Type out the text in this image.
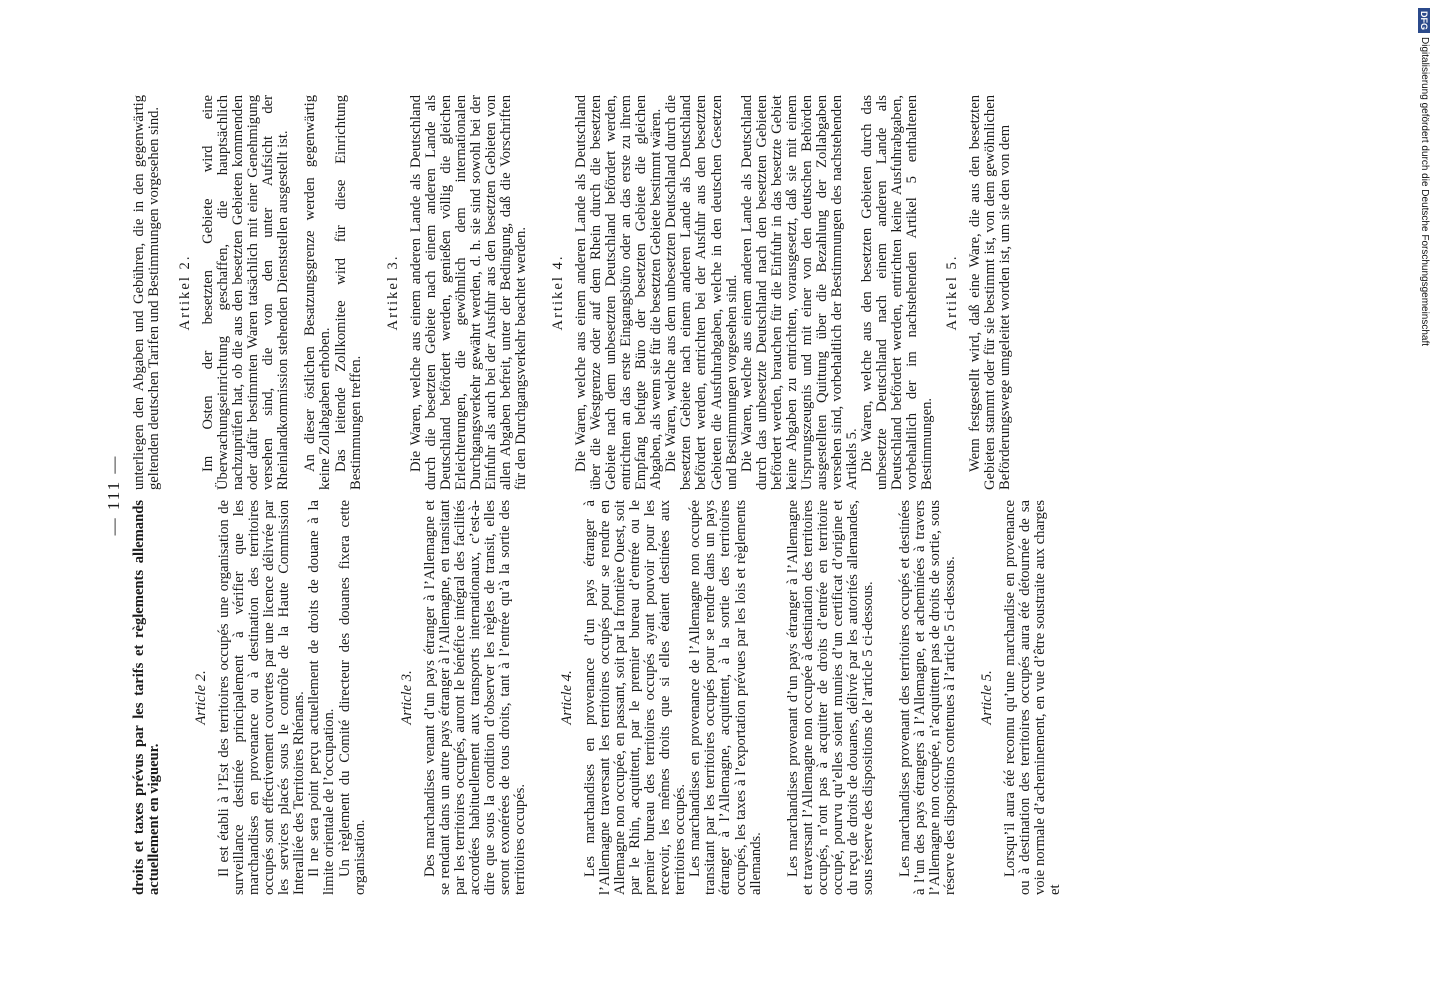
— 111 —

droits et taxes prévus par les tarifs et règlements allemands actuellement en vigueur.

Article 2. Il est établi à l’Est des territoires occupés une organisation de surveillance destinée principalement à vérifier que les marchandises en provenance ou à destination des territoires occupés sont effectivement couvertes par une licence délivrée par les services placés sous le contrôle de la Haute Commission Interalliée des Territoires Rhénans. Il ne sera point perçu actuellement de droits de douane à la limite orientale de l’occupation. Un règlement du Comité directeur des douanes fixera cette organisation.

Article 3. Des marchandises venant d’un pays étranger à l’Allemagne et se rendant dans un autre pays étranger à l’Allemagne, en transitant par les territoires occupés, auront le bénéfice intégral des facilités accordées habituellement aux transports internationaux, c’est-à-dire que sous la condition d’observer les règles de transit, elles seront exonérées de tous droits, tant à l’entrée qu’à la sortie des territoires occupés.

Article 4. Les marchandises en provenance d’un pays étranger à l’Allemagne traversant les territoires occupés pour se rendre en Allemagne non occupée, en passant, soit par la frontière Ouest, soit par le Rhin, acquittent, par le premier bureau d’entrée ou le premier bureau des territoires occupés ayant pouvoir pour les recevoir, les mêmes droits que si elles étaient destinées aux territoires occupés. Les marchandises en provenance de l’Allemagne non occupée transitant par les territoires occupés pour se rendre dans un pays étranger à l’Allemagne, acquittent, à la sortie des territoires occupés, les taxes à l’exportation prévues par les lois et règlements allemands. Les marchandises provenant d’un pays étranger à l’Allemagne et traversant l’Allemagne non occupée à destination des territoires occupés, n’ont pas à acquitter de droits d’entrée en territoire occupé, pourvu qu’elles soient munies d’un certificat d’origine et du reçu de droits de douanes, délivré par les autorités allemandes, sous réserve des dispositions de l’article 5 ci-dessous. Les marchandises provenant des territoires occupés et destinées à l’un des pays étrangers à l’Allemagne, et acheminées à travers l’Allemagne non occupée, n’acquittent pas de droits de sortie, sous réserve des dispositions contenues à l’article 5 ci-dessous. Article 5. Lorsqu’il aura été reconnu qu’une marchandise en provenance ou à destination des territoires occupés aura été détournée de sa voie normale d’acheminement, en vue d’être soustraite aux charges et

unterliegen den Abgaben und Gebühren, die in den gegenwärtig geltenden deutschen Tarifen und Bestimmungen vorgesehen sind. Artikel 2. Im Osten der besetzten Gebiete wird eine Überwachungseinrichtung geschaffen, die hauptsächlich nachzuprüfen hat, ob die aus den besetzten Gebieten kommenden oder dafür bestimmten Waren tatsächlich mit einer Genehmigung versehen sind, die von den unter Aufsicht der Rheinlandkommission stehenden Dienststellen ausgestellt ist. An dieser östlichen Besatzungsgrenze werden gegenwärtig keine Zollabgaben erhoben. Das leitende Zollkomitee wird für diese Einrichtung Bestimmungen treffen.

Artikel 3. Die Waren, welche aus einem anderen Lande als Deutschland durch die besetzten Gebiete nach einem anderen Lande als Deutschland befördert werden, genießen völlig die gleichen Erleichterungen, die gewöhnlich dem internationalen Durchgangsverkehr gewährt werden, d. h. sie sind sowohl bei der Einfuhr als auch bei der Ausfuhr aus den besetzten Gebieten von allen Abgaben befreit, unter der Bedingung, daß die Vorschriften für den Durchgangsverkehr beachtet werden. Artikel 4. Die Waren, welche aus einem anderen Lande als Deutschland über die Westgrenze oder auf dem Rhein durch die besetzten Gebiete nach dem unbesetzten Deutschland befördert werden, entrichten an das erste Eingangsbüro oder an das erste zu ihrem Empfang befugte Büro der besetzten Gebiete die gleichen Abgaben, als wenn sie für die besetzten Gebiete bestimmt wären. Die Waren, welche aus dem unbesetzten Deutschland durch die besetzten Gebiete nach einem anderen Lande als Deutschland befördert werden, entrichten bei der Ausfuhr aus den besetzten Gebieten die Ausfuhrabgaben, welche in den deutschen Gesetzen und Bestimmungen vorgesehen sind. Die Waren, welche aus einem anderen Lande als Deutschland durch das unbesetzte Deutschland nach den besetzten Gebieten befördert werden, brauchen für die Einfuhr in das besetzte Gebiet keine Abgaben zu entrichten, vorausgesetzt, daß sie mit einem Ursprungszeugnis und mit einer von den deutschen Behörden ausgestellten Quittung über die Bezahlung der Zollabgaben versehen sind, vorbehaltlich der Bestimmungen des nachstehenden Artikels 5. Die Waren, welche aus den besetzten Gebieten durch das unbesetzte Deutschland nach einem anderen Lande als Deutschland befördert werden, entrichten keine Ausfuhrabgaben, vorbehaltlich der im nachstehenden Artikel 5 enthaltenen Bestimmungen.

Artikel 5. Wenn festgestellt wird, daß eine Ware, die aus den besetzten Gebieten stammt oder für sie bestimmt ist, von dem gewöhnlichen Beförderungswege umgeleitet worden ist, um sie den von dem

DFG
Digitalisierung gefördert durch die Deutsche Forschungsgemeinschaft
